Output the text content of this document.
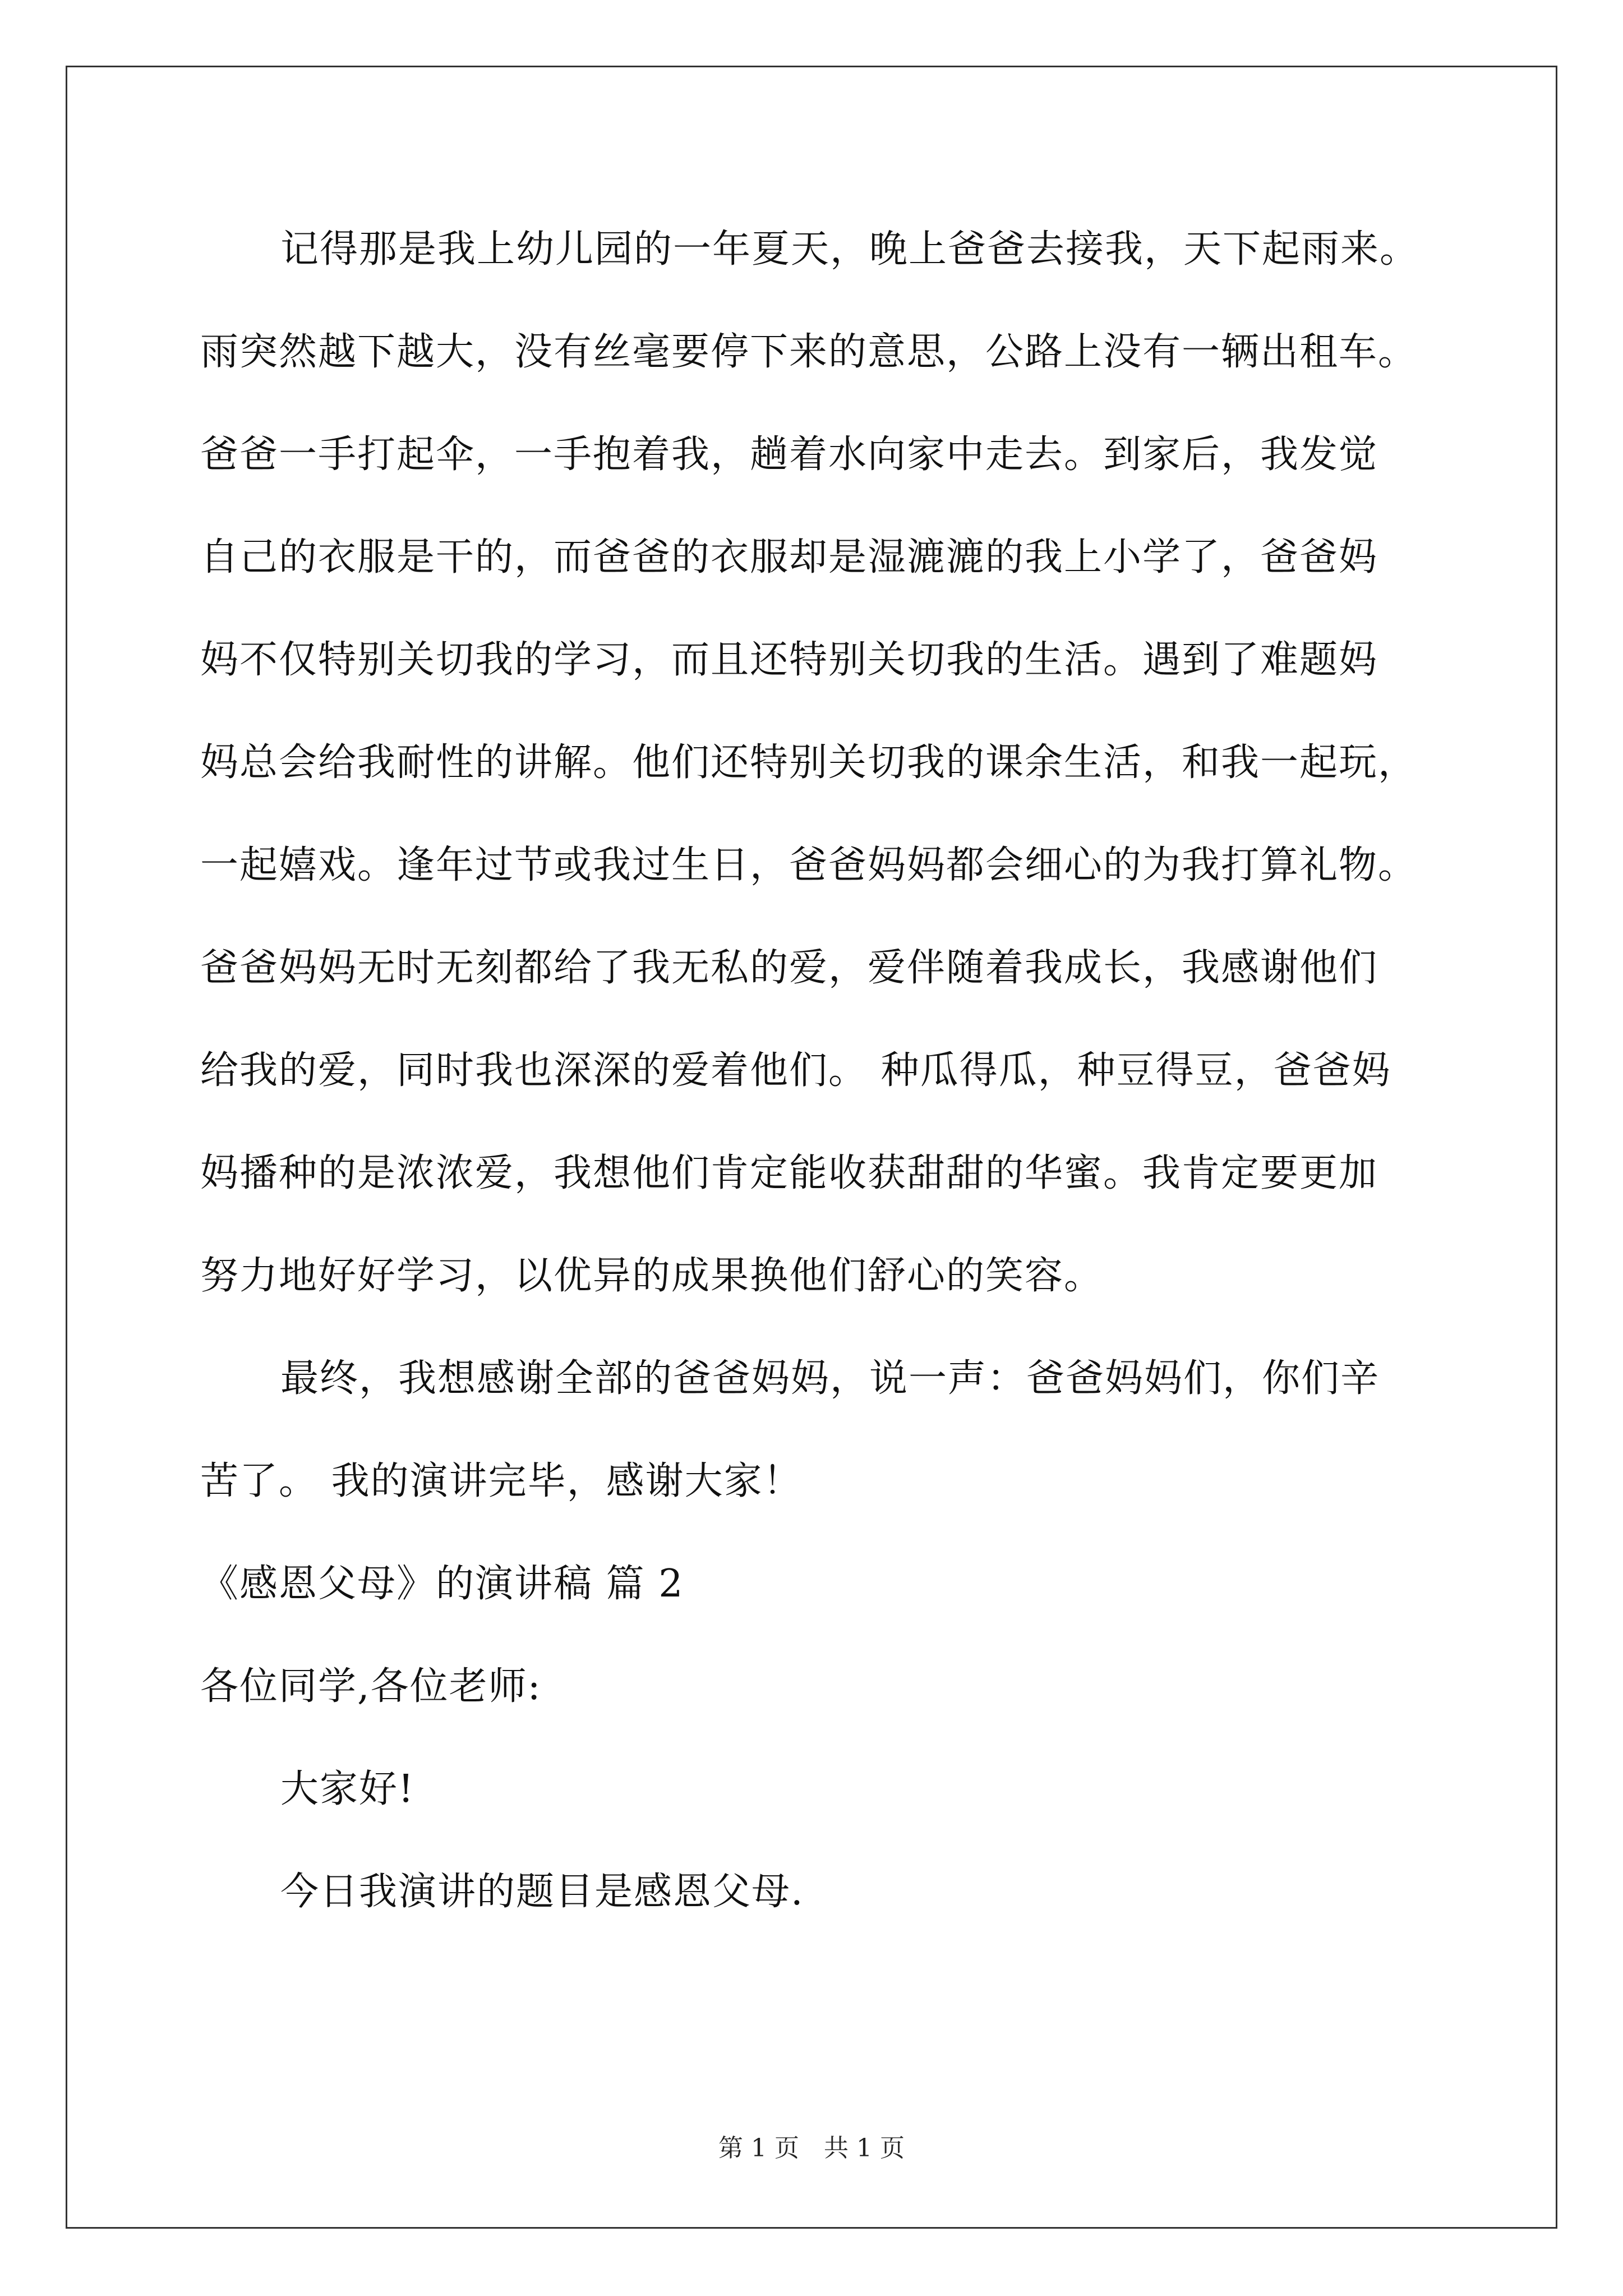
记得那是我上幼儿园的一年夏天，晚上爸爸去接我，天下起雨来。
雨突然越下越大，没有丝毫要停下来的意思，公路上没有一辆出租车。
爸爸一手打起伞，一手抱着我，趟着水向家中走去。到家后，我发觉
自己的衣服是干的，而爸爸的衣服却是湿漉漉的我上小学了，爸爸妈
妈不仅特别关切我的学习，而且还特别关切我的生活。遇到了难题妈
妈总会给我耐性的讲解。他们还特别关切我的课余生活，和我一起玩，
一起嬉戏。逢年过节或我过生日，爸爸妈妈都会细心的为我打算礼物。
爸爸妈妈无时无刻都给了我无私的爱，爱伴随着我成长，我感谢他们
给我的爱，同时我也深深的爱着他们。 种瓜得瓜，种豆得豆，爸爸妈
妈播种的是浓浓爱，我想他们肯定能收获甜甜的华蜜。我肯定要更加
努力地好好学习，以优异的成果换他们舒心的笑容。
最终，我想感谢全部的爸爸妈妈，说一声：爸爸妈妈们，你们辛
苦了。 我的演讲完毕，感谢大家！
《感恩父母》的演讲稿 篇 2
各位同学,各位老师:
大家好!
今日我演讲的题目是感恩父母.
第 1 页　共 1 页
